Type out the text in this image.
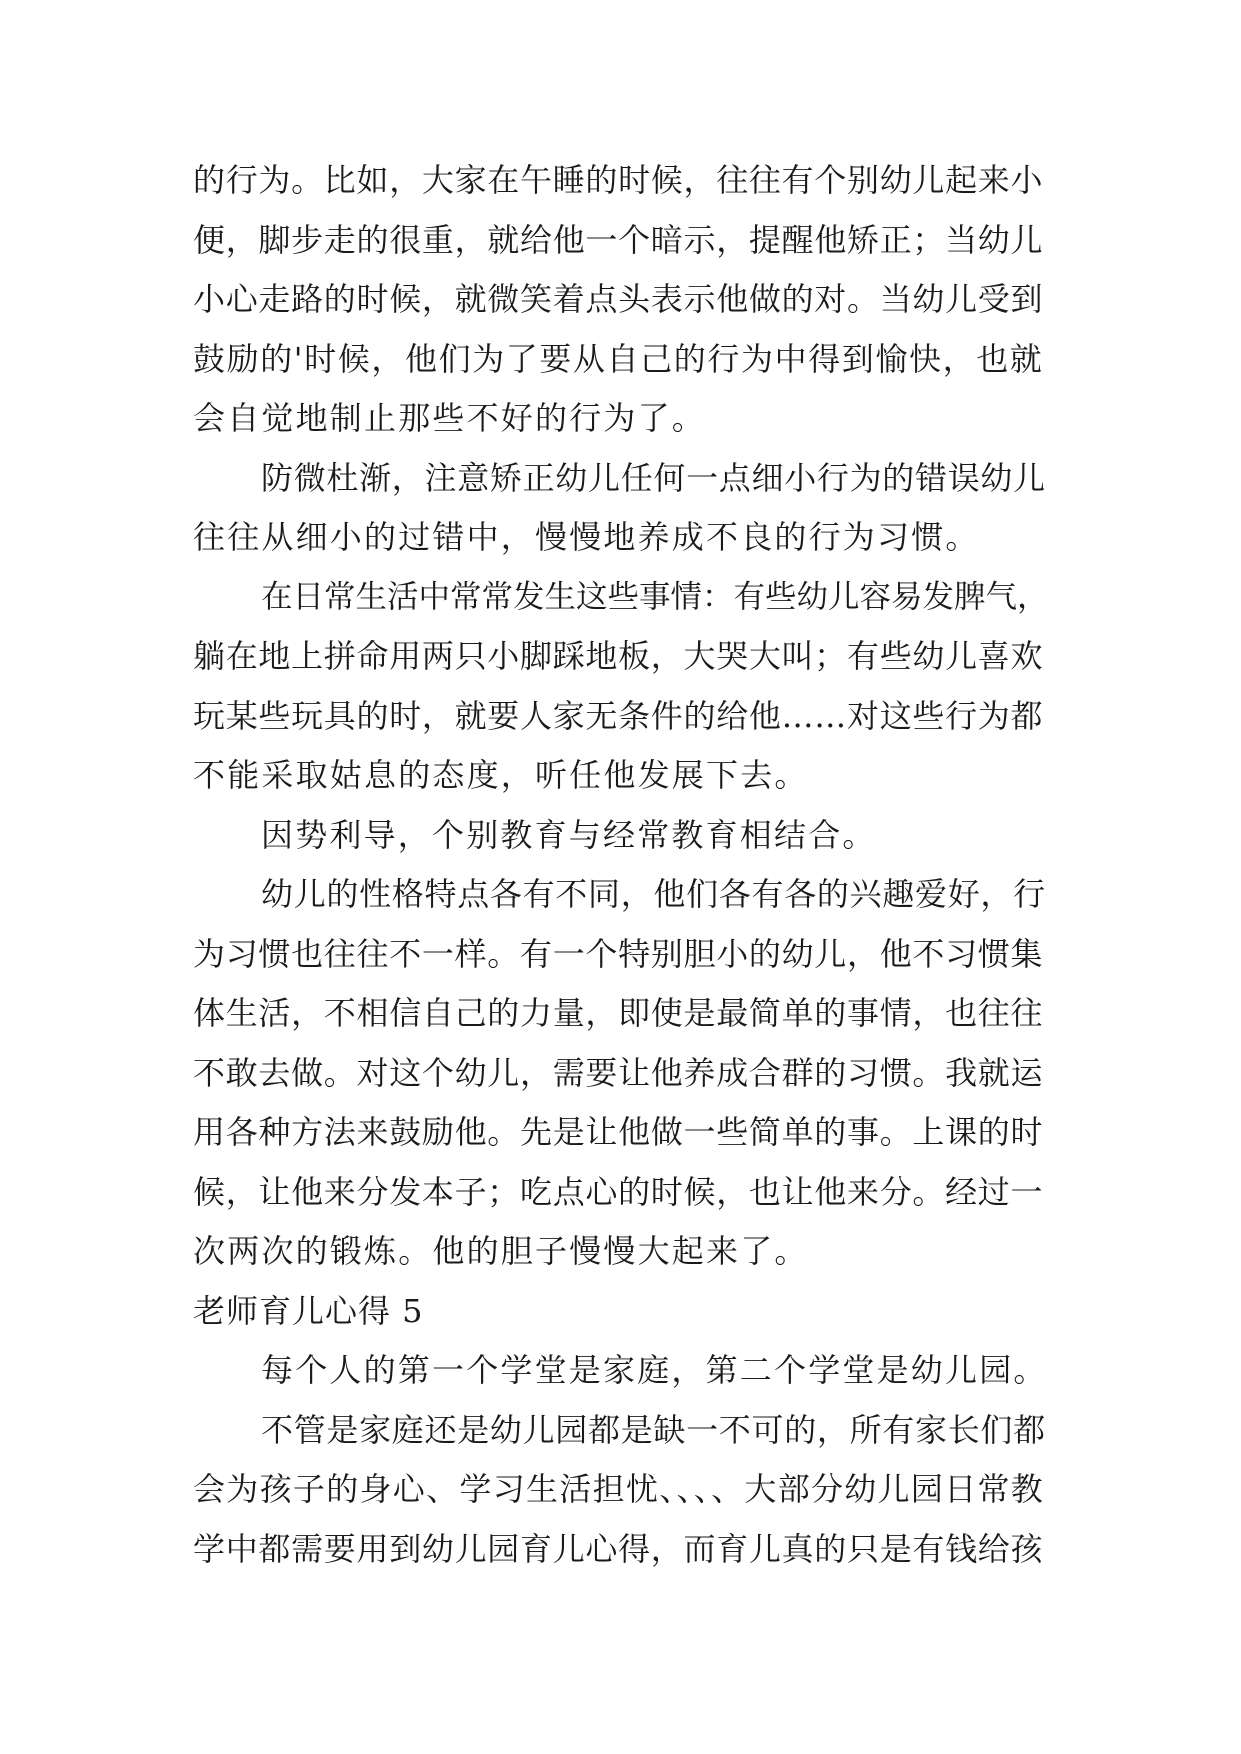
的行为。比如，大家在午睡的时候，往往有个别幼儿起来小
便，脚步走的很重，就给他一个暗示，提醒他矫正；当幼儿
小心走路的时候，就微笑着点头表示他做的对。当幼儿受到
鼓励的'时候，他们为了要从自己的行为中得到愉快，也就
会自觉地制止那些不好的行为了。
防微杜渐，注意矫正幼儿任何一点细小行为的错误幼儿
往往从细小的过错中，慢慢地养成不良的行为习惯。
在日常生活中常常发生这些事情：有些幼儿容易发脾气，
躺在地上拼命用两只小脚踩地板，大哭大叫；有些幼儿喜欢
玩某些玩具的时，就要人家无条件的给他……对这些行为都
不能采取姑息的态度，听任他发展下去。
因势利导，个别教育与经常教育相结合。
幼儿的性格特点各有不同，他们各有各的兴趣爱好，行
为习惯也往往不一样。有一个特别胆小的幼儿，他不习惯集
体生活，不相信自己的力量，即使是最简单的事情，也往往
不敢去做。对这个幼儿，需要让他养成合群的习惯。我就运
用各种方法来鼓励他。先是让他做一些简单的事。上课的时
候，让他来分发本子；吃点心的时候，也让他来分。经过一
次两次的锻炼。他的胆子慢慢大起来了。
老师育儿心得 5
每个人的第一个学堂是家庭，第二个学堂是幼儿园。
不管是家庭还是幼儿园都是缺一不可的，所有家长们都
会为孩子的身心、学习生活担忧、、、、大部分幼儿园日常教
学中都需要用到幼儿园育儿心得，而育儿真的只是有钱给孩
